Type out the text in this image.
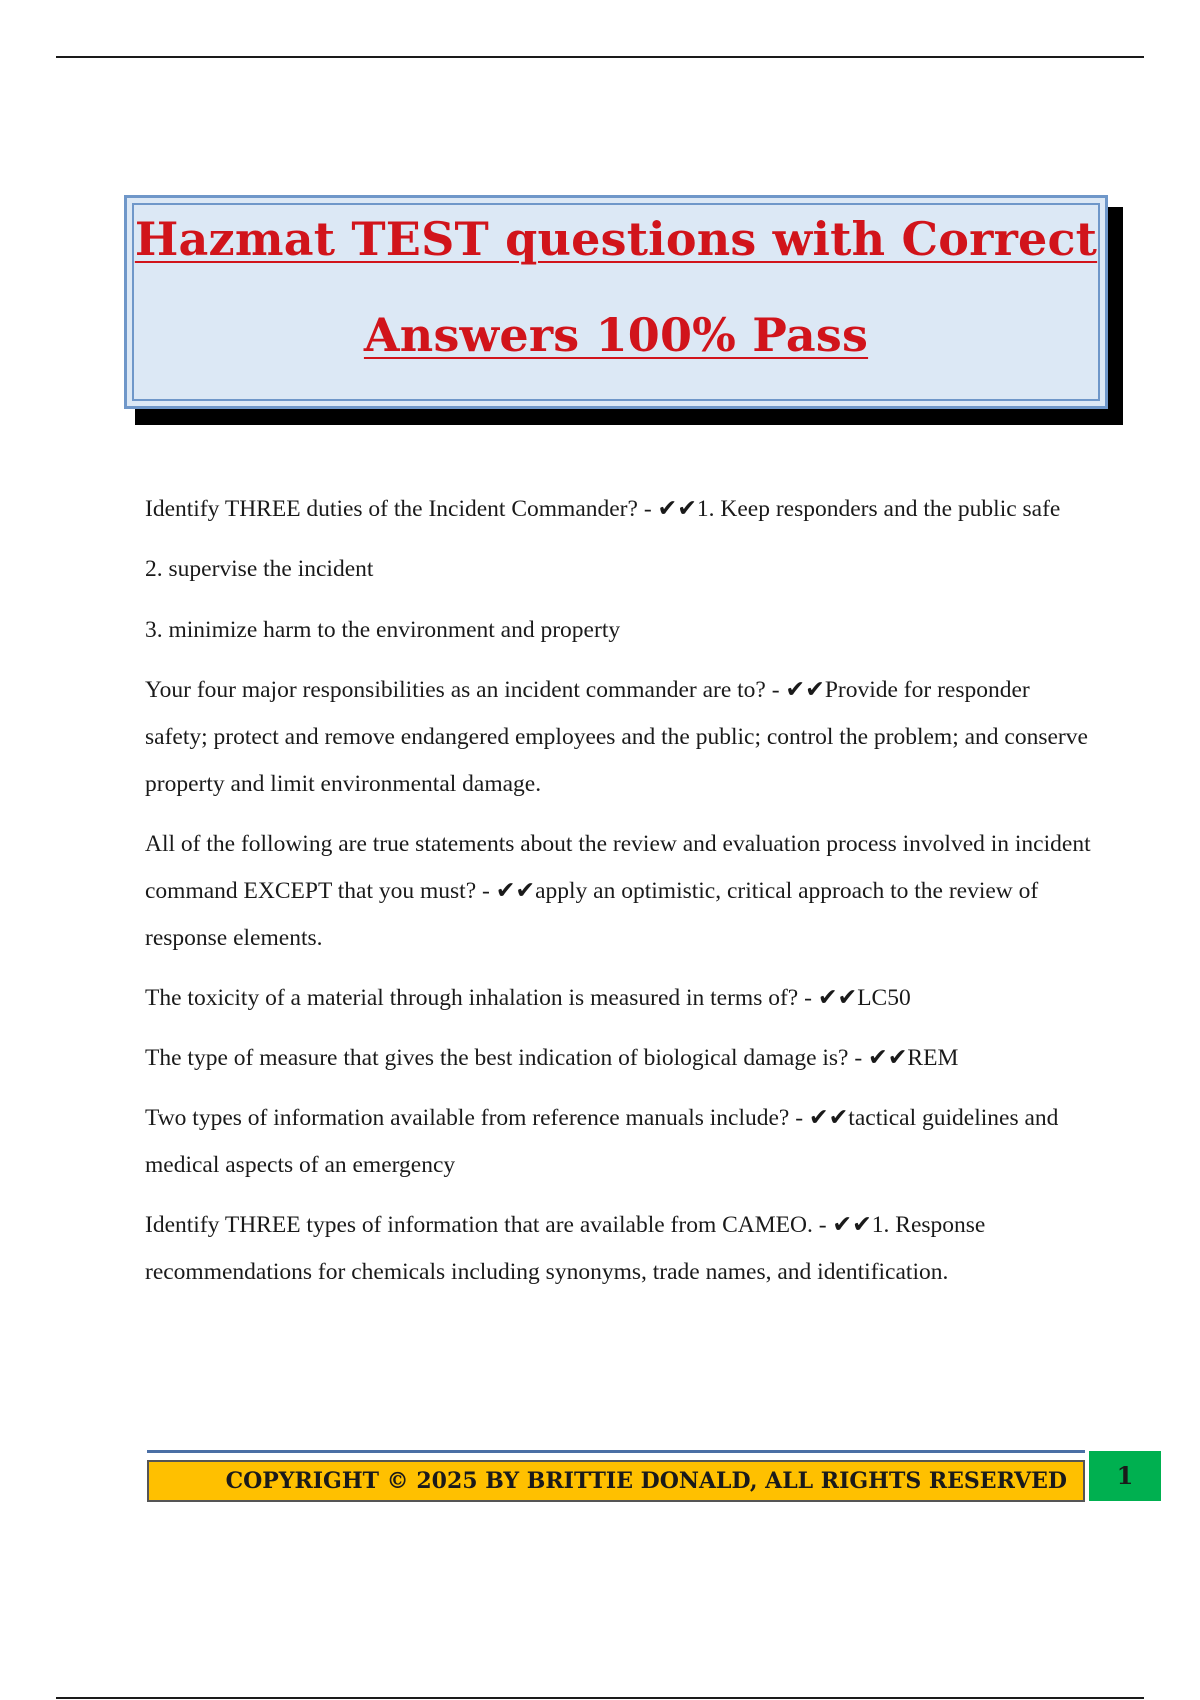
Hazmat TEST questions with Correct
Answers 100% Pass

Identify THREE duties of the Incident Commander? - ✔✔1. Keep responders and the public safe

2. supervise the incident

3. minimize harm to the environment and property

Your four major responsibilities as an incident commander are to? - ✔✔Provide for responder safety; protect and remove endangered employees and the public; control the problem; and conserve property and limit environmental damage.

All of the following are true statements about the review and evaluation process involved in incident command EXCEPT that you must? - ✔✔apply an optimistic, critical approach to the review of response elements.

The toxicity of a material through inhalation is measured in terms of? - ✔✔LC50

The type of measure that gives the best indication of biological damage is? - ✔✔REM

Two types of information available from reference manuals include? - ✔✔tactical guidelines and medical aspects of an emergency

Identify THREE types of information that are available from CAMEO. - ✔✔1. Response recommendations for chemicals including synonyms, trade names, and identification.

COPYRIGHT © 2025 BY BRITTIE DONALD, ALL RIGHTS RESERVED	1
